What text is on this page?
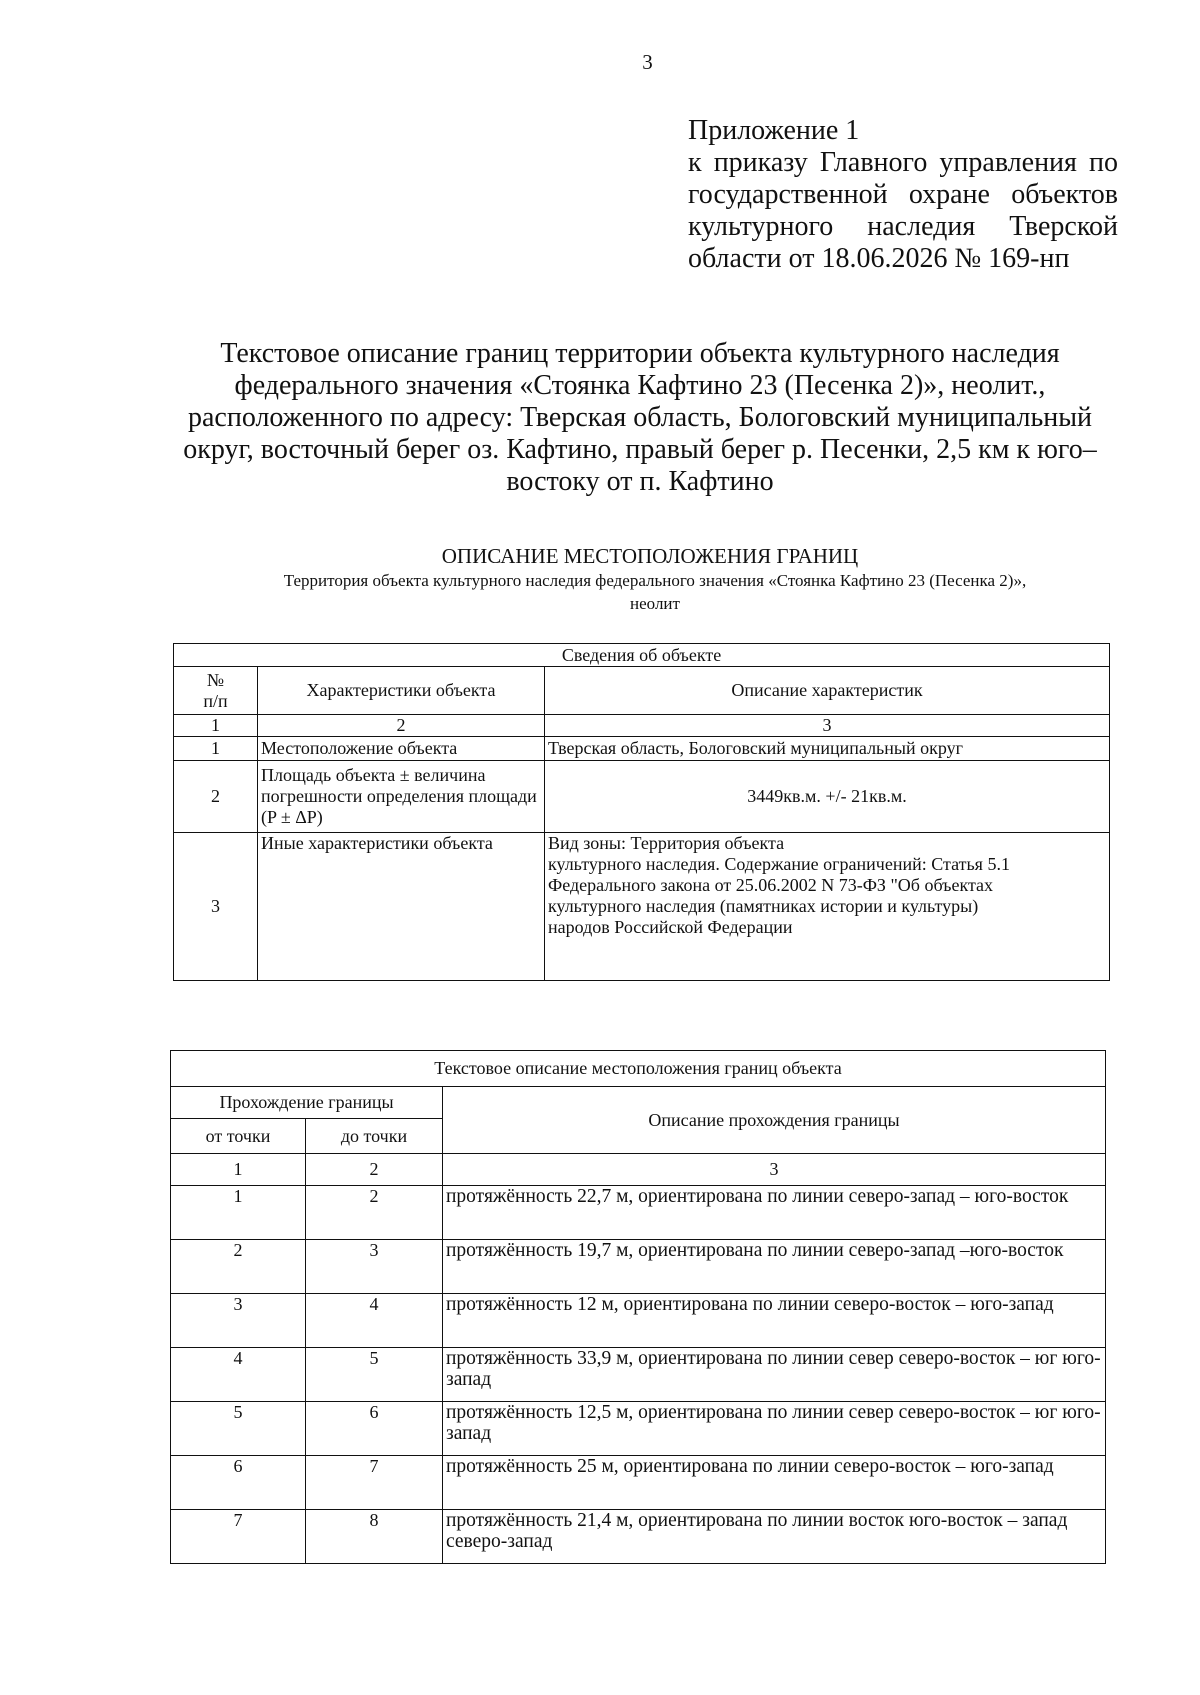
3
Приложение 1
к приказу Главного управления по
государственной охране объектов
культурного наследия Тверской
области от 18.06.2026 № 169-нп
Текстовое описание границ территории объекта культурного наследия
федерального значения «Стоянка Кафтино 23 (Песенка 2)», неолит.,
расположенного по адресу: Тверская область, Бологовский муниципальный
округ, восточный берег оз. Кафтино, правый берег р. Песенки, 2,5 км к юго–
востоку от п. Кафтино
ОПИСАНИЕ МЕСТОПОЛОЖЕНИЯ ГРАНИЦ
Территория объекта культурного наследия федерального значения «Стоянка Кафтино 23 (Песенка 2)»,
неолит
Сведения об объекте		
№
п/п	Характеристики объекта	Описание характеристик
1	2	3
1	Местоположение объекта	Тверская область, Бологовский муниципальный округ
2	Площадь объекта ± величина погрешности определения площади (P ± ΔP)	3449кв.м. +/- 21кв.м.
3	Иные характеристики объекта	Вид зоны: Территория объекта
культурного наследия. Содержание ограничений: Статья 5.1
Федерального закона от 25.06.2002 N 73-ФЗ "Об объектах
культурного наследия (памятниках истории и культуры)
народов Российской Федерации
Текстовое описание местоположения границ объекта		
Прохождение границы		Описание прохождения границы
от точки	до точки	
1	2	3
1	2	протяжённость 22,7 м, ориентирована по линии северо-запад – юго-восток
2	3	протяжённость 19,7 м, ориентирована по линии северо-запад –юго-восток
3	4	протяжённость 12 м, ориентирована по линии северо-восток – юго-запад
4	5	протяжённость 33,9 м, ориентирована по линии север северо-восток – юг юго-запад
5	6	протяжённость 12,5 м, ориентирована по линии север северо-восток – юг юго-запад
6	7	протяжённость 25 м, ориентирована по линии северо-восток – юго-запад
7	8	протяжённость 21,4 м, ориентирована по линии восток юго-восток – запад северо-запад
